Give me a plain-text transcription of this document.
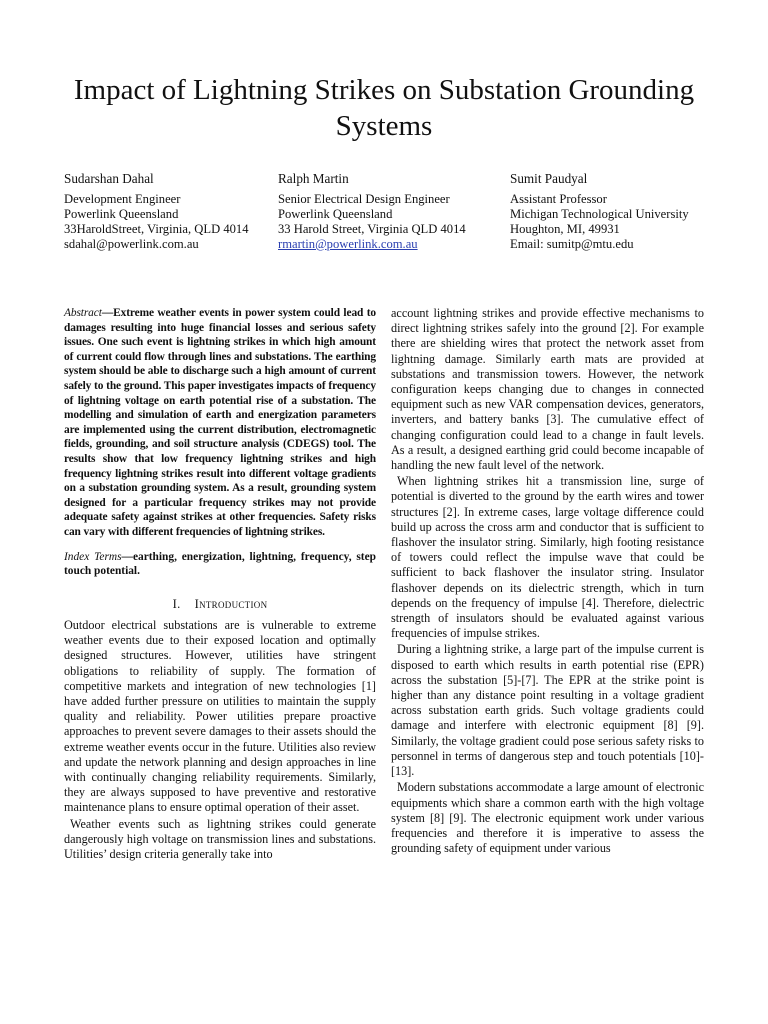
Impact of Lightning Strikes on Substation Grounding Systems
Sudarshan Dahal
Development Engineer
Powerlink Queensland
33HaroldStreet, Virginia, QLD 4014
sdahal@powerlink.com.au
Ralph Martin
Senior Electrical Design Engineer
Powerlink Queensland
33 Harold Street, Virginia QLD 4014
rmartin@powerlink.com.au
Sumit Paudyal
Assistant Professor
Michigan Technological University
Houghton, MI, 49931
Email: sumitp@mtu.edu

Abstract—Extreme weather events in power system could lead to damages resulting into huge financial losses and serious safety issues. One such event is lightning strikes in which high amount of current could flow through lines and substations. The earthing system should be able to discharge such a high amount of current safely to the ground. This paper investigates impacts of frequency of lightning voltage on earth potential rise of a substation. The modelling and simulation of earth and energization parameters are implemented using the current distribution, electromagnetic fields, grounding, and soil structure analysis (CDEGS) tool. The results show that low frequency lightning strikes and high frequency lightning strikes result into different voltage gradients on a substation grounding system. As a result, grounding system designed for a particular frequency strikes may not provide adequate safety against strikes at other frequencies. Safety risks can vary with different frequencies of lightning strikes.

Index Terms—earthing, energization, lightning, frequency, step touch potential.

I. Introduction

Outdoor electrical substations are is vulnerable to extreme weather events due to their exposed location and optimally designed structures. However, utilities have stringent obligations to reliability of supply. The formation of competitive markets and integration of new technologies [1] have added further pressure on utilities to maintain the supply quality and reliability. Power utilities prepare proactive approaches to prevent severe damages to their assets should the extreme weather events occur in the future. Utilities also review and update the network planning and design approaches in line with continually changing reliability requirements. Similarly, they are always supposed to have preventive and restorative maintenance plans to ensure optimal operation of their asset.

Weather events such as lightning strikes could generate dangerously high voltage on transmission lines and substations. Utilities’ design criteria generally take into

account lightning strikes and provide effective mechanisms to direct lightning strikes safely into the ground [2]. For example there are shielding wires that protect the network asset from lightning damage. Similarly earth mats are provided at substations and transmission towers. However, the network configuration keeps changing due to changes in connected equipment such as new VAR compensation devices, generators, inverters, and battery banks [3]. The cumulative effect of changing configuration could lead to a change in fault levels. As a result, a designed earthing grid could become incapable of handling the new fault level of the network.

When lightning strikes hit a transmission line, surge of potential is diverted to the ground by the earth wires and tower structures [2]. In extreme cases, large voltage difference could build up across the cross arm and conductor that is sufficient to flashover the insulator string. Similarly, high footing resistance of towers could reflect the impulse wave that could be sufficient to back flashover the insulator string. Insulator flashover depends on its dielectric strength, which in turn depends on the frequency of impulse [4]. Therefore, dielectric strength of insulators should be evaluated against various frequencies of impulse strikes.

During a lightning strike, a large part of the impulse current is disposed to earth which results in earth potential rise (EPR) across the substation [5]-[7]. The EPR at the strike point is higher than any distance point resulting in a voltage gradient across substation earth grids. Such voltage gradients could damage and interfere with electronic equipment [8] [9]. Similarly, the voltage gradient could pose serious safety risks to personnel in terms of dangerous step and touch potentials [10]-[13].

Modern substations accommodate a large amount of electronic equipments which share a common earth with the high voltage system [8] [9]. The electronic equipment work under various frequencies and therefore it is imperative to assess the grounding safety of equipment under various
